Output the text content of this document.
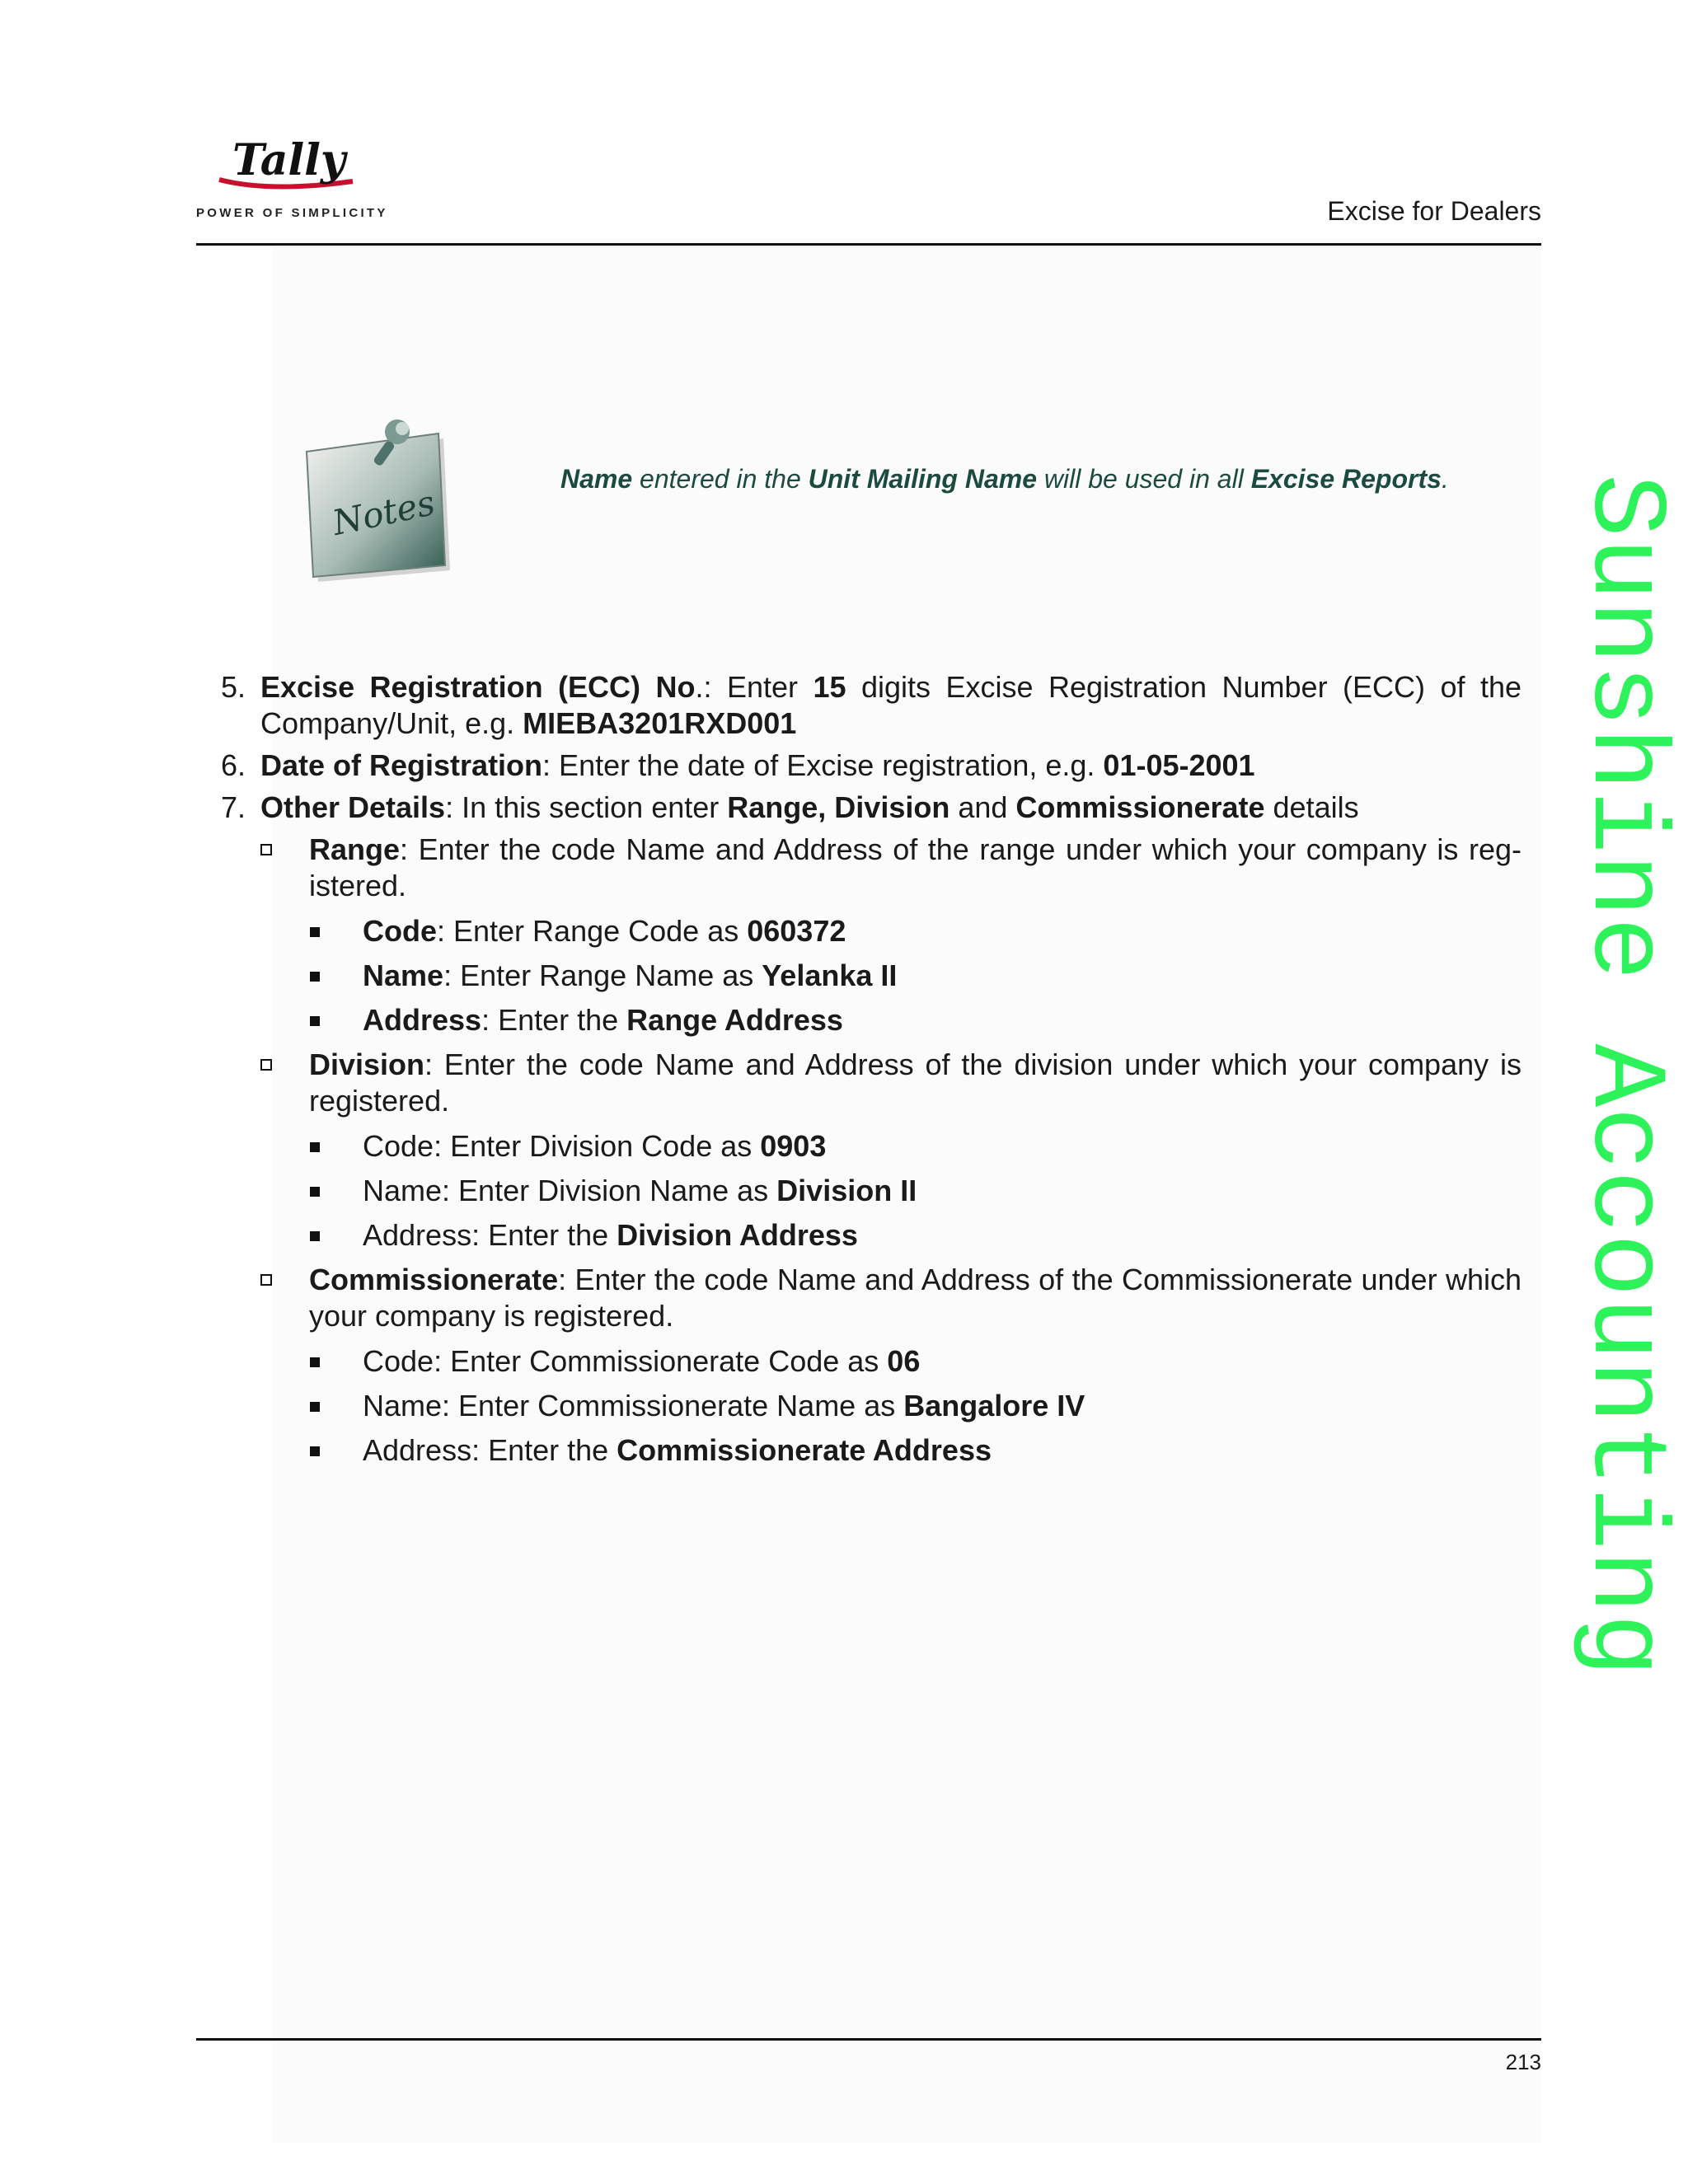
Tally
POWER OF SIMPLICITY	Excise for Dealers
Notes
Name entered in the Unit Mailing Name will be used in all Excise Reports. Sunshine Accounting
5. Excise Registration (ECC) No.: Enter 15 digits Excise Registration Number (ECC) of the Company/Unit, e.g. MIEBA3201RXD001
6. Date of Registration: Enter the date of Excise registration, e.g. 01-05-2001
7. Other Details: In this section enter Range, Division and Commissionerate details
Range: Enter the code Name and Address of the range under which your company is reg-istered.
Code: Enter Range Code as 060372
Name: Enter Range Name as Yelanka II
Address: Enter the Range Address
Division: Enter the code Name and Address of the division under which your company is registered.
Code: Enter Division Code as 0903
Name: Enter Division Name as Division II
Address: Enter the Division Address
Commissionerate: Enter the code Name and Address of the Commissionerate under which your company is registered.
Code: Enter Commissionerate Code as 06
Name: Enter Commissionerate Name as Bangalore IV
Address: Enter the Commissionerate Address
213
